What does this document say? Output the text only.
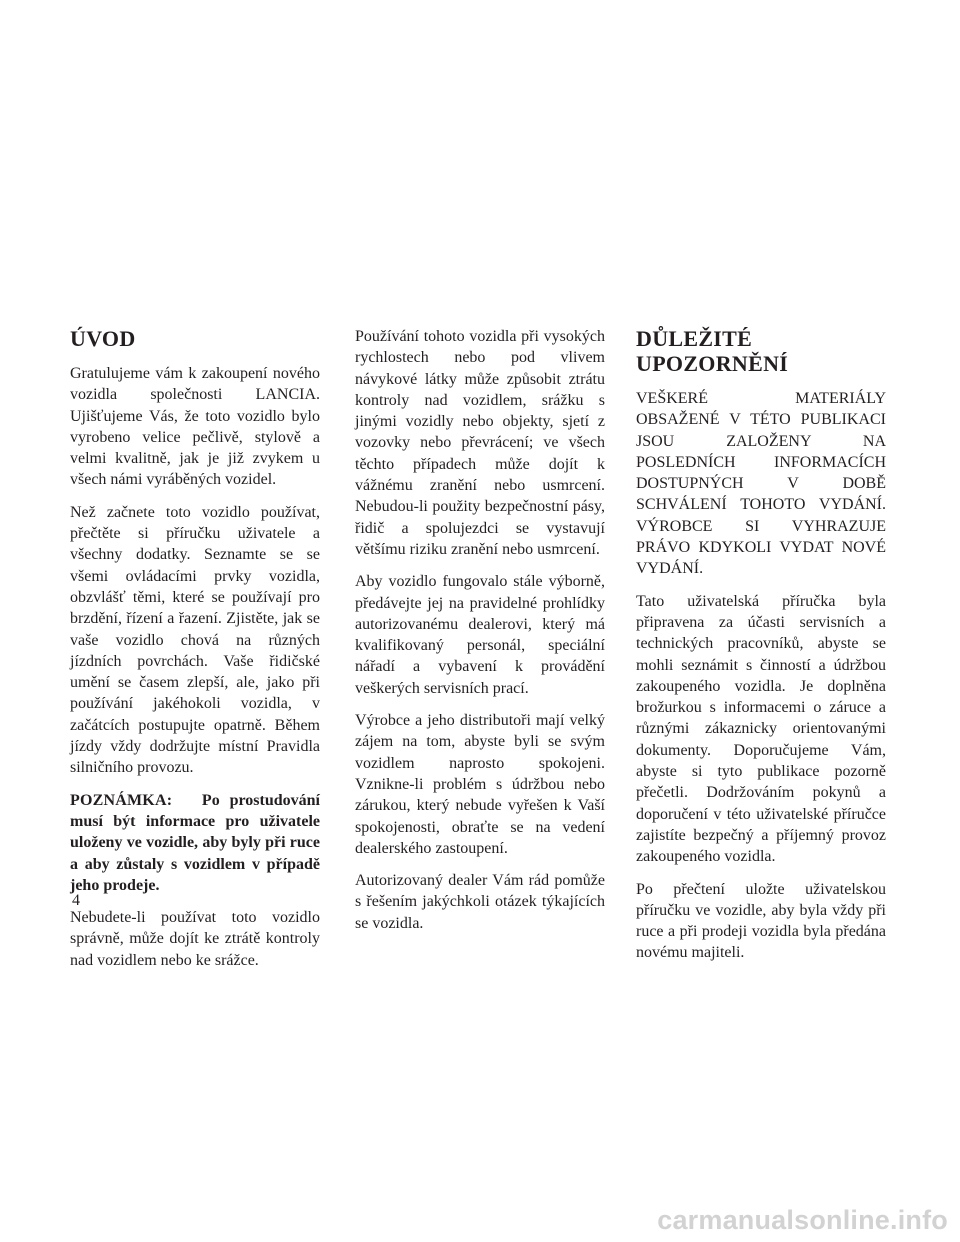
ÚVOD

Gratulujeme vám k zakoupení nového vozidla společnosti LANCIA. Ujišťujeme Vás, že toto vozidlo bylo vyrobeno velice pečlivě, stylově a velmi kvalitně, jak je již zvykem u všech námi vyráběných vozidel.

Než začnete toto vozidlo používat, přečtěte si příručku uživatele a všechny dodatky. Seznamte se se všemi ovládacími prvky vozidla, obzvlášť těmi, které se používají pro brzdění, řízení a řazení. Zjistěte, jak se vaše vozidlo chová na různých jízdních povrchách. Vaše řidičské umění se časem zlepší, ale, jako při používání jakéhokoli vozidla, v začátcích postupujte opatrně. Během jízdy vždy dodržujte místní Pravidla silničního provozu.

POZNÁMKA: Po prostudování musí být informace pro uživatele uloženy ve vozidle, aby byly při ruce a aby zůstaly s vozidlem v případě jeho prodeje.

Nebudete-li používat toto vozidlo správně, může dojít ke ztrátě kontroly nad vozidlem nebo ke srážce.

Používání tohoto vozidla při vysokých rychlostech nebo pod vlivem návykové látky může způsobit ztrátu kontroly nad vozidlem, srážku s jinými vozidly nebo objekty, sjetí z vozovky nebo převrácení; ve všech těchto případech může dojít k vážnému zranění nebo usmrcení. Nebudou-li použity bezpečnostní pásy, řidič a spolujezdci se vystavují většímu riziku zranění nebo usmrcení.

Aby vozidlo fungovalo stále výborně, předávejte jej na pravidelné prohlídky autorizovanému dealerovi, který má kvalifikovaný personál, speciální nářadí a vybavení k provádění veškerých servisních prací.

Výrobce a jeho distributoři mají velký zájem na tom, abyste byli se svým vozidlem naprosto spokojeni. Vznikne-li problém s údržbou nebo zárukou, který nebude vyřešen k Vaší spokojenosti, obraťte se na vedení dealerského zastoupení.

Autorizovaný dealer Vám rád pomůže s řešením jakýchkoli otázek týkajících se vozidla.

DŮLEŽITÉ UPOZORNĚNÍ

VEŠKERÉ MATERIÁLY OBSAŽENÉ V TÉTO PUBLIKACI JSOU ZALOŽENY NA POSLEDNÍCH INFORMACÍCH DOSTUPNÝCH V DOBĚ SCHVÁLENÍ TOHOTO VYDÁNÍ. VÝROBCE SI VYHRAZUJE PRÁVO KDYKOLI VYDAT NOVÉ VYDÁNÍ.

Tato uživatelská příručka byla připravena za účasti servisních a technických pracovníků, abyste se mohli seznámit s činností a údržbou zakoupeného vozidla. Je doplněna brožurkou s informacemi o záruce a různými zákaznicky orientovanými dokumenty. Doporučujeme Vám, abyste si tyto publikace pozorně přečetli. Dodržováním pokynů a doporučení v této uživatelské příručce zajistíte bezpečný a příjemný provoz zakoupeného vozidla.

Po přečtení uložte uživatelskou příručku ve vozidle, aby byla vždy při ruce a při prodeji vozidla byla předána novému majiteli.

4
carmanualsonline.info
